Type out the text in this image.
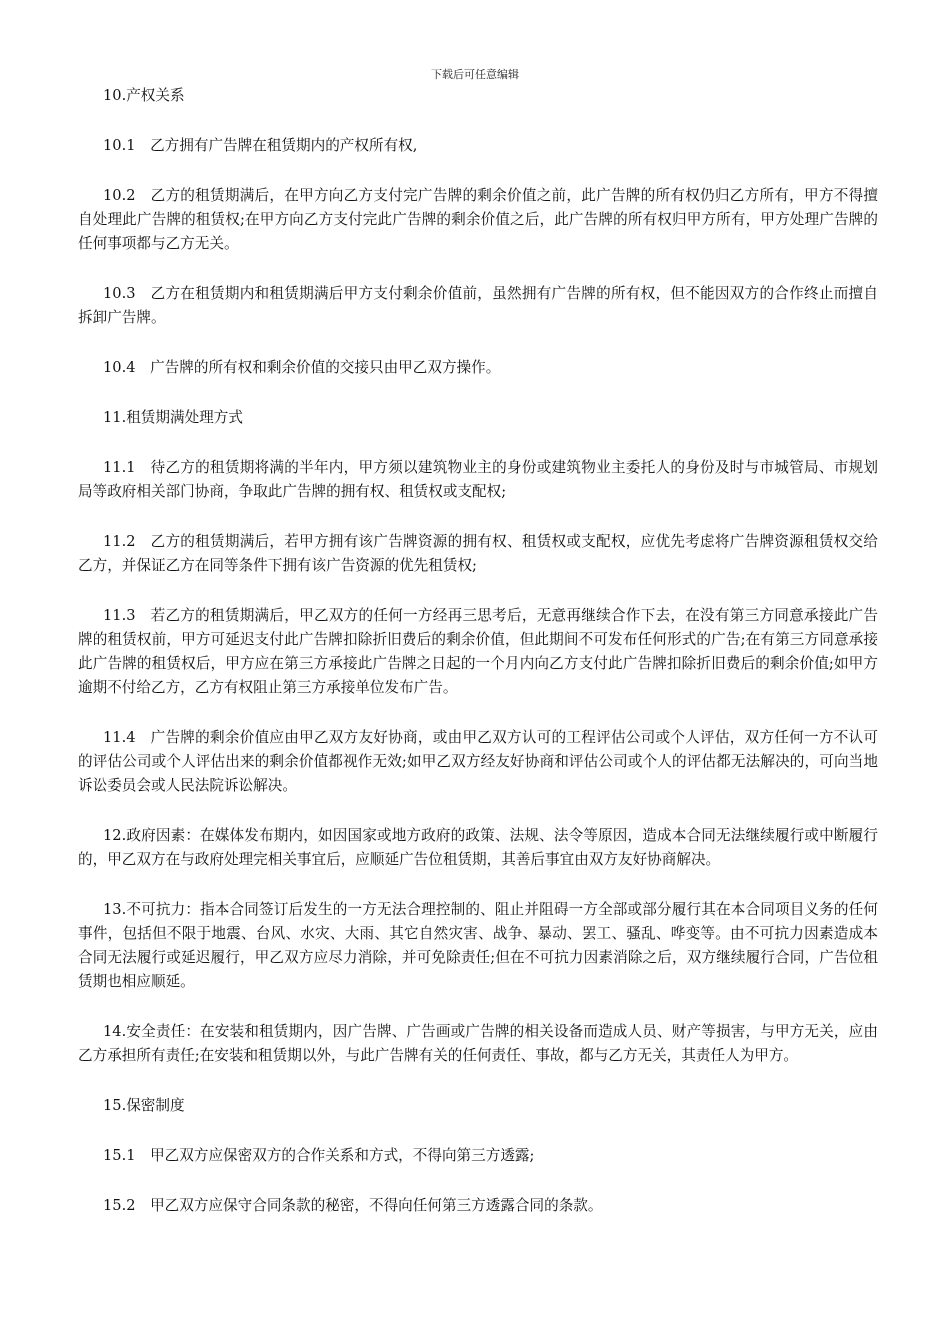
下载后可任意编辑

10.产权关系

10.1　乙方拥有广告牌在租赁期内的产权所有权,

10.2　乙方的租赁期满后，在甲方向乙方支付完广告牌的剩余价值之前，此广告牌的所有权仍归乙方所有，甲方不得擅自处理此广告牌的租赁权;在甲方向乙方支付完此广告牌的剩余价值之后，此广告牌的所有权归甲方所有，甲方处理广告牌的任何事项都与乙方无关。

10.3　乙方在租赁期内和租赁期满后甲方支付剩余价值前，虽然拥有广告牌的所有权，但不能因双方的合作终止而擅自拆卸广告牌。

10.4　广告牌的所有权和剩余价值的交接只由甲乙双方操作。

11.租赁期满处理方式

11.1　待乙方的租赁期将满的半年内，甲方须以建筑物业主的身份或建筑物业主委托人的身份及时与市城管局、市规划局等政府相关部门协商，争取此广告牌的拥有权、租赁权或支配权;

11.2　乙方的租赁期满后，若甲方拥有该广告牌资源的拥有权、租赁权或支配权，应优先考虑将广告牌资源租赁权交给乙方，并保证乙方在同等条件下拥有该广告资源的优先租赁权;

11.3　若乙方的租赁期满后，甲乙双方的任何一方经再三思考后，无意再继续合作下去，在没有第三方同意承接此广告牌的租赁权前，甲方可延迟支付此广告牌扣除折旧费后的剩余价值，但此期间不可发布任何形式的广告;在有第三方同意承接此广告牌的租赁权后，甲方应在第三方承接此广告牌之日起的一个月内向乙方支付此广告牌扣除折旧费后的剩余价值;如甲方逾期不付给乙方，乙方有权阻止第三方承接单位发布广告。

11.4　广告牌的剩余价值应由甲乙双方友好协商，或由甲乙双方认可的工程评估公司或个人评估，双方任何一方不认可的评估公司或个人评估出来的剩余价值都视作无效;如甲乙双方经友好协商和评估公司或个人的评估都无法解决的，可向当地诉讼委员会或人民法院诉讼解决。

12.政府因素：在媒体发布期内，如因国家或地方政府的政策、法规、法令等原因，造成本合同无法继续履行或中断履行的，甲乙双方在与政府处理完相关事宜后，应顺延广告位租赁期，其善后事宜由双方友好协商解决。

13.不可抗力：指本合同签订后发生的一方无法合理控制的、阻止并阻碍一方全部或部分履行其在本合同项目义务的任何事件，包括但不限于地震、台风、水灾、大雨、其它自然灾害、战争、暴动、罢工、骚乱、哗变等。由不可抗力因素造成本合同无法履行或延迟履行，甲乙双方应尽力消除，并可免除责任;但在不可抗力因素消除之后，双方继续履行合同，广告位租赁期也相应顺延。

14.安全责任：在安装和租赁期内，因广告牌、广告画或广告牌的相关设备而造成人员、财产等损害，与甲方无关，应由乙方承担所有责任;在安装和租赁期以外，与此广告牌有关的任何责任、事故，都与乙方无关，其责任人为甲方。

15.保密制度

15.1　甲乙双方应保密双方的合作关系和方式，不得向第三方透露;

15.2　甲乙双方应保守合同条款的秘密，不得向任何第三方透露合同的条款。
